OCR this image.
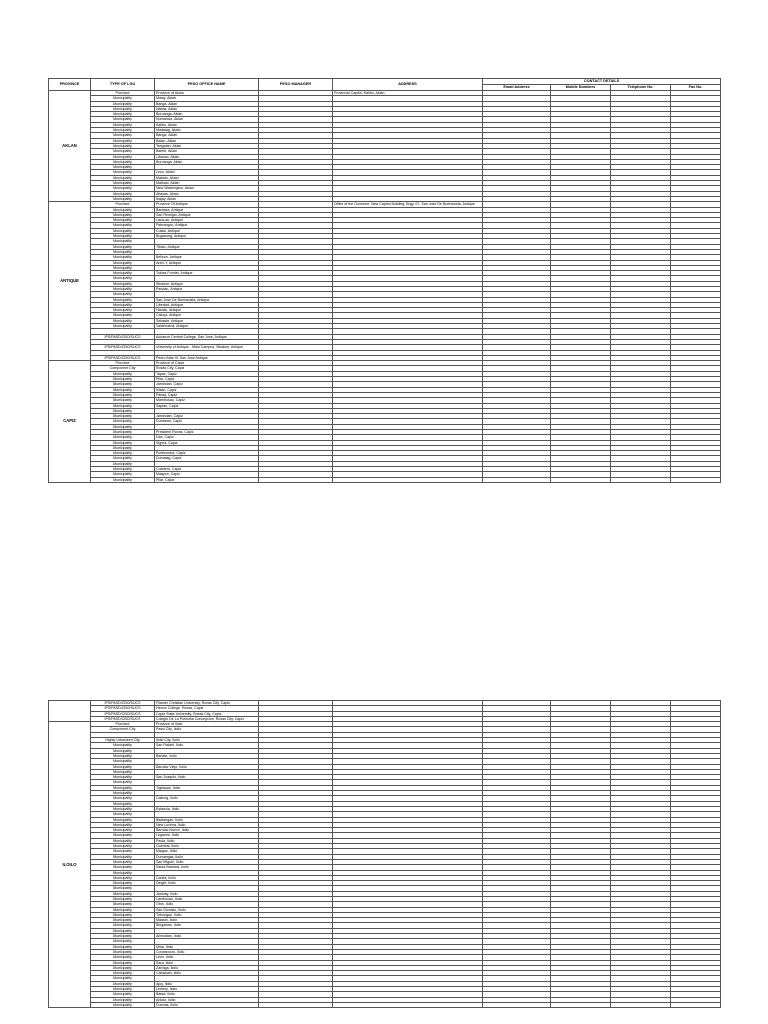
PROVINCE	TYPE OF LGU	PESO OFFICE NAME	PESO MANAGER	ADDRESS	CONTACT DETAILS			
					Email Address	Mobile Numbers	Telephone No.	Fax No.
AKLAN	Province	Province of Aklan		Provincial Capitol, Kalibo, Aklan				
	Municipality	Malay, Aklan						
	Municipality	Banga, Aklan						
	Municipality	Nabas, Aklan						
	Municipality	Buruanga, Aklan						
	Municipality	Numancia, Aklan						
	Municipality	Kalibo, Aklan						
	Municipality	Madalag, Aklan						
	Municipality	Banga, Aklan						
	Municipality	Batan, Aklan						
	Municipality	Tangalan, Aklan						
	Municipality	Balete, Aklan						
	Municipality	Libacao, Aklan						
	Municipality	Buruanga, Aklan						
	Municipality							
	Municipality	Lezo, Aklan						
	Municipality	Makato, Aklan						
	Municipality	Malinao, Aklan						
	Municipality	New Washington, Aklan						
	Municipality	Altavas, Aklan						
	Municipality	Ibajay, Aklan						
ANTIQUE	Province	Province Of Antique		Office of the Governor, New Capitol Building, Brgy. 07, San Jose De Buenavista, Antique				
	Municipality	Barbaza, Antique						
	Municipality	San Remigio, Antique						
	Municipality	Laua-an, Antique						
	Municipality	Patnongon, Antique						
	Municipality	Culasi, Antique						
	Municipality	Bugasong, Antique						
	Municipality							
	Municipality	Tibiao, Antique						
	Municipality							
	Municipality	Belison, Antique						
	Municipality	Anini-Y, Antique						
	Municipality							
	Municipality	Tobias Fornier, Antique						
	Municipality							
	Municipality	Sibalom, Antique						
	Municipality	Pandan, Antique						
	Municipality							
	Municipality	San Jose De Buenavista, Antique						
	Municipality	Libertad, Antique						
	Municipality	Hamtic, Antique						
	Municipality	Caluya, Antique						
	Municipality	Sebaste, Antique						
	Municipality	Valderrama, Antique						

	IPS/PASD/CBO/SUCS	Advance Central College, San Jose, Antique						

	IPS/PASD/CBO/SUCS	University of Antique - Main Campus, Sibalom, Antique						

	IPS/PASD/CBO/SUCS	Pedro Atlar III, San Jose Antique						
CAPIZ	Province	Province of Capiz						
	Component City	Roxas City, Capiz						
	Municipality	Tapaz, Capiz						
	Municipality	Pilar, Capiz						
	Municipality	Jamindan, Capiz						
	Municipality	Ivisan, Capiz						
	Municipality	Panay, Capiz						
	Municipality	Mambusao, Capiz						
	Municipality	Sapian, Capiz						
	Municipality							
	Municipality	Jamindan, Capiz						
	Municipality	Dumarao, Capiz						
	Municipality							
	Municipality	President Roxas, Capiz						
	Municipality	Dao, Capiz						
	Municipality	Sigma, Capiz						
	Municipality							
	Municipality	Pontevedra, Capiz						
	Municipality	Dumalag, Capiz						
	Municipality							
	Municipality	Cuartero, Capiz						
	Municipality	Maayon, Capiz						
	Municipality	Pilar, Capiz						
	IPS/PASD/CBO/SUCS	Filamer Christian University, Roxas City, Capiz						
	IPS/PASD/CBO/SUCS	Hercor College, Roxas, Capiz						
	IPS/PASD/CBO/SUCS	Capiz State University, Roxas City, Capiz						
	IPS/PASD/CBO/SUCS	Colegio De La Purisima Concepcion, Roxas City, Capiz						
ILOILO	Province	Province of Iloilo						
	Component City	Passi City, Iloilo						

	Highly Urbanized City	Iloilo City, Iloilo						
	Municipality	San Rafael, Iloilo						
	Municipality							
	Municipality	Banate, Iloilo						
	Municipality							
	Municipality	Barotac Viejo, Iloilo						
	Municipality							
	Municipality	San Joaquin, Iloilo						
	Municipality							
	Municipality	Tigbauan, Iloilo						
	Municipality							
	Municipality	Calinog, Iloilo						
	Municipality							
	Municipality	Estancia, Iloilo						
	Municipality							
	Municipality	Badiangan, Iloilo						
	Municipality	New Lucena, Iloilo						
	Municipality	Barotac Nuevo, Iloilo						
	Municipality	Leganes, Iloilo						
	Municipality	Pavia, Iloilo						
	Municipality	Guimbal, Iloilo						
	Municipality	Miagao, Iloilo						
	Municipality	Dumangas, Iloilo						
	Municipality	San Miguel, Iloilo						
	Municipality	Santa Barbara, Iloilo						
	Municipality							
	Municipality	Carles, Iloilo						
	Municipality	Dingle, Iloilo						
	Municipality							
	Municipality	Janiuay, Iloilo						
	Municipality	Lambunao, Iloilo						
	Municipality	Oton, Iloilo						
	Municipality	San Dionisio, Iloilo						
	Municipality	Tubungan, Iloilo						
	Municipality	Maasin, Iloilo						
	Municipality	Bingawan, Iloilo						
	Municipality							
	Municipality	Alimodian, Iloilo						
	Municipality							
	Municipality	Mina, Iloilo						
	Municipality	Concepcion, Iloilo						
	Municipality	Leon, Iloilo						
	Municipality	Sara, Iloilo						
	Municipality	Zarraga, Iloilo						
	Municipality	Cabatuan, Iloilo						
	Municipality							
	Municipality	Ajuy, Iloilo						
	Municipality	Lemery, Iloilo						
	Municipality	Batad, Iloilo						
	Municipality	Anilao, Iloilo						
	Municipality	Duenas, Iloilo						
